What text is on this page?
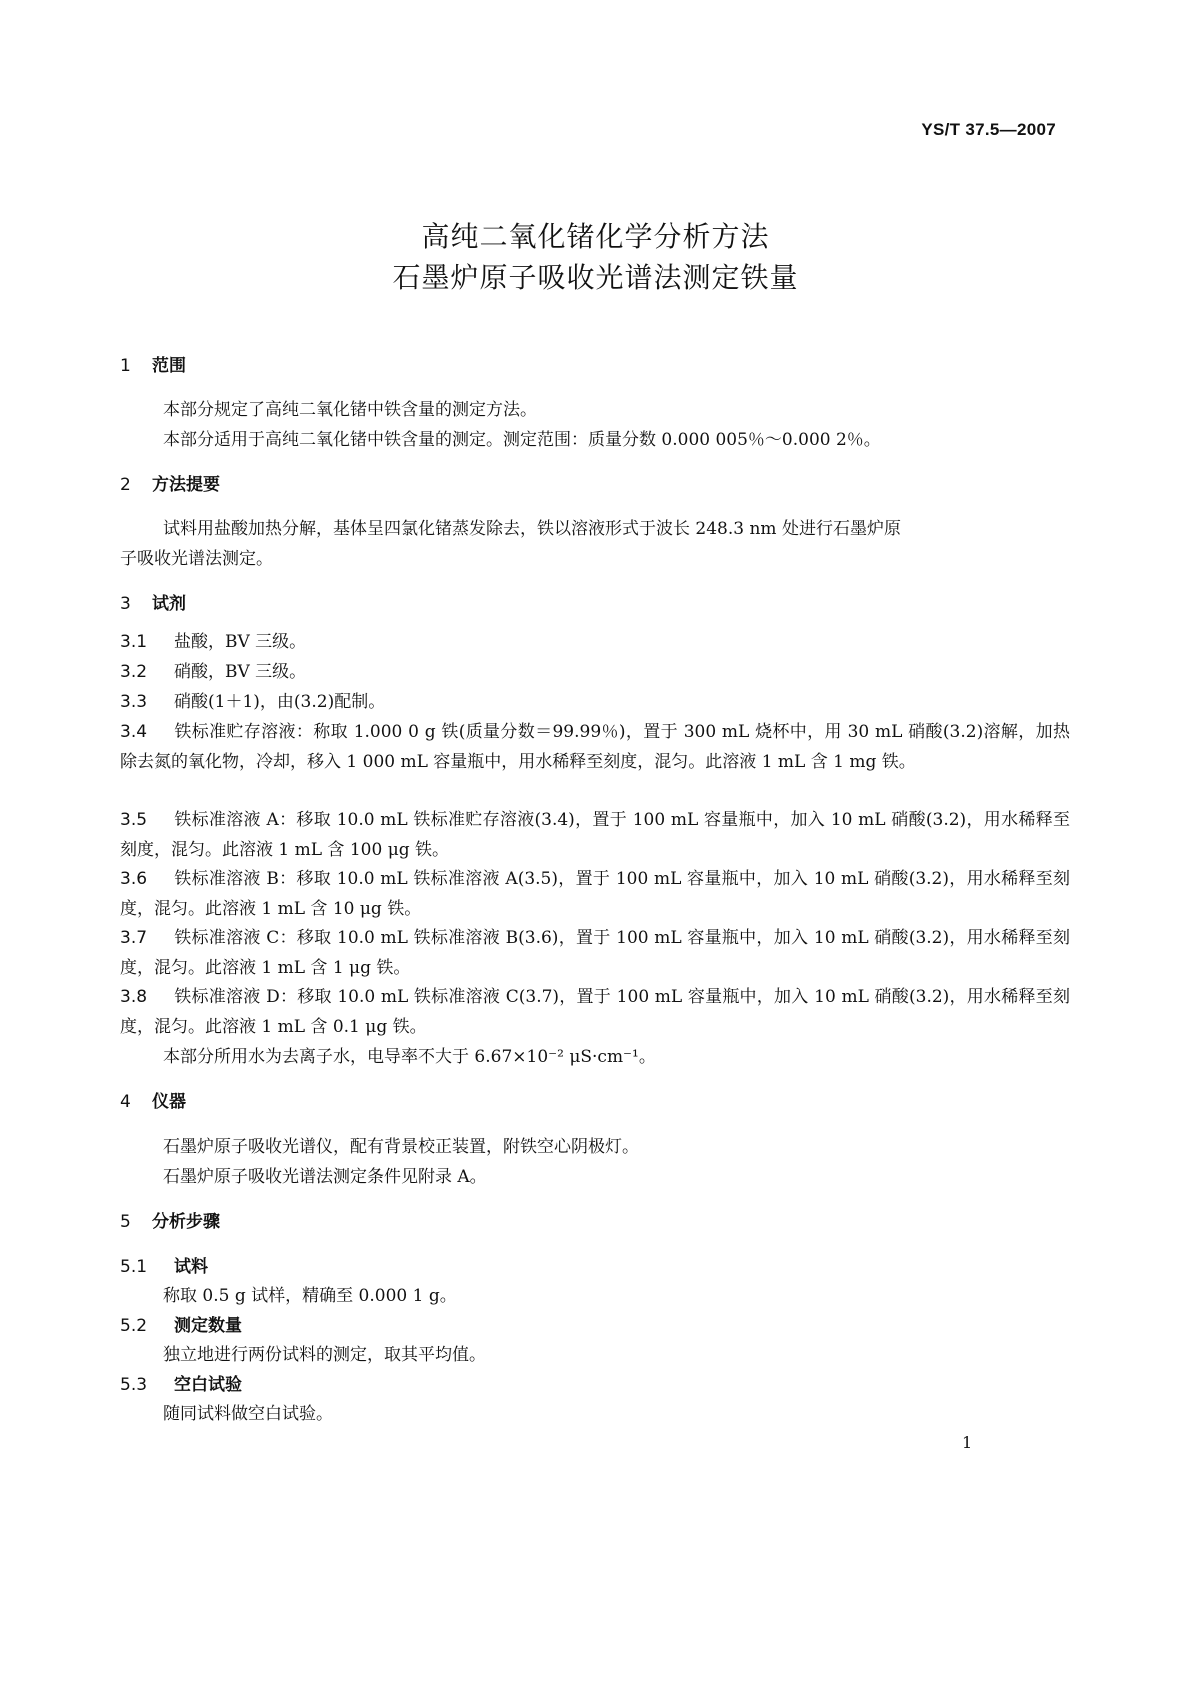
YS/T 37.5—2007
高纯二氧化锗化学分析方法
石墨炉原子吸收光谱法测定铁量
1 范围
本部分规定了高纯二氧化锗中铁含量的测定方法。
本部分适用于高纯二氧化锗中铁含量的测定。测定范围：质量分数 0.000 005％～0.000 2％。
2 方法提要
试料用盐酸加热分解，基体呈四氯化锗蒸发除去，铁以溶液形式于波长 248.3 nm 处进行石墨炉原
子吸收光谱法测定。
3 试剂
3.1 盐酸，BV 三级。
3.2 硝酸，BV 三级。
3.3 硝酸(1＋1)，由(3.2)配制。
3.4 铁标准贮存溶液：称取 1.000 0 g 铁(质量分数＝99.99％)，置于 300 mL 烧杯中，用 30 mL 硝酸(3.2)溶解，加热除去氮的氧化物，冷却，移入 1 000 mL 容量瓶中，用水稀释至刻度，混匀。此溶液 1 mL 含 1 mg 铁。
3.5 铁标准溶液 A：移取 10.0 mL 铁标准贮存溶液(3.4)，置于 100 mL 容量瓶中，加入 10 mL 硝酸(3.2)，用水稀释至刻度，混匀。此溶液 1 mL 含 100 μg 铁。
3.6 铁标准溶液 B：移取 10.0 mL 铁标准溶液 A(3.5)，置于 100 mL 容量瓶中，加入 10 mL 硝酸(3.2)，用水稀释至刻度，混匀。此溶液 1 mL 含 10 μg 铁。
3.7 铁标准溶液 C：移取 10.0 mL 铁标准溶液 B(3.6)，置于 100 mL 容量瓶中，加入 10 mL 硝酸(3.2)，用水稀释至刻度，混匀。此溶液 1 mL 含 1 μg 铁。
3.8 铁标准溶液 D：移取 10.0 mL 铁标准溶液 C(3.7)，置于 100 mL 容量瓶中，加入 10 mL 硝酸(3.2)，用水稀释至刻度，混匀。此溶液 1 mL 含 0.1 μg 铁。
本部分所用水为去离子水，电导率不大于 6.67×10⁻² μS·cm⁻¹。
4 仪器
石墨炉原子吸收光谱仪，配有背景校正装置，附铁空心阴极灯。
石墨炉原子吸收光谱法测定条件见附录 A。
5 分析步骤
5.1 试料
称取 0.5 g 试样，精确至 0.000 1 g。
5.2 测定数量
独立地进行两份试料的测定，取其平均值。
5.3 空白试验
随同试料做空白试验。
1
